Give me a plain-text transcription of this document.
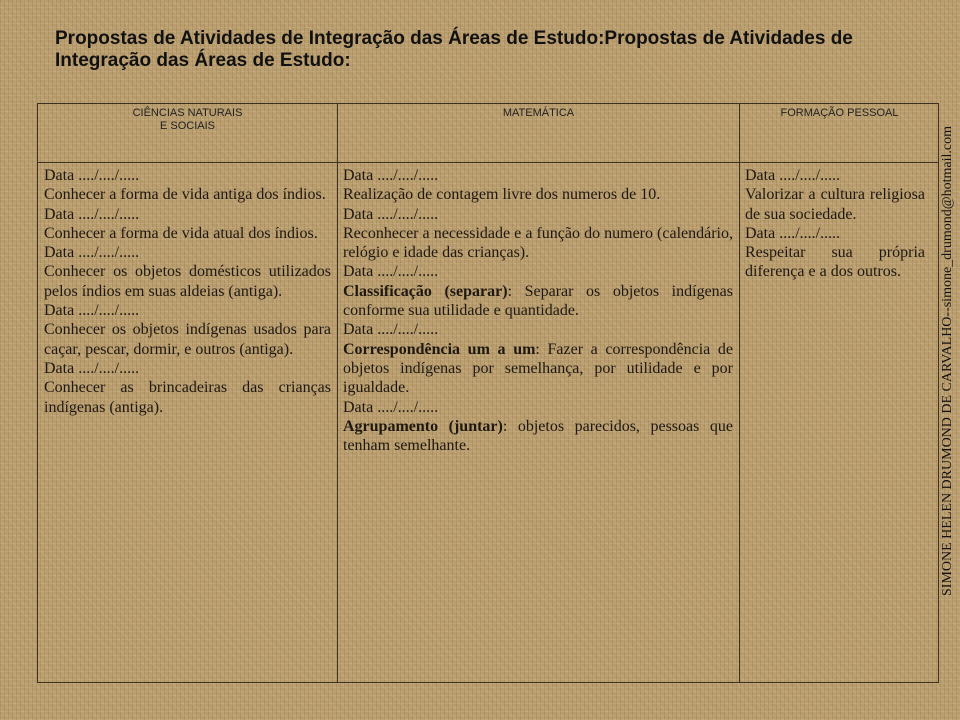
Propostas de Atividades de Integração das Áreas de Estudo:Propostas de Atividades de Integração das Áreas de Estudo:
CIÊNCIAS NATURAIS
E SOCIAIS
MATEMÁTICA	FORMAÇÃO PESSOAL

Data ..../..../.....

Conhecer a forma de vida antiga dos índios.

Data ..../..../.....

Conhecer a forma de vida atual dos índios.

Data ..../..../.....

Conhecer os objetos domésticos utilizados pelos índios em suas aldeias (antiga).

Data ..../..../.....

Conhecer os objetos indígenas usados para caçar, pescar, dormir, e outros (antiga).

Data ..../..../.....

Conhecer as brincadeiras das crianças indígenas (antiga).

Data ..../..../.....

Realização de contagem livre dos numeros de 10.

Data ..../..../.....

Reconhecer a necessidade e a função do numero (calendário, relógio e idade das crianças).

Data ..../..../.....

Classificação (separar): Separar os objetos indígenas conforme sua utilidade e quantidade.

Data ..../..../.....

Correspondência um a um: Fazer a correspondência de objetos indígenas por semelhança, por utilidade e por igualdade.

Data ..../..../.....

Agrupamento (juntar): objetos parecidos, pessoas que tenham semelhante.

Data ..../..../.....

Valorizar a cultura religiosa de sua sociedade.

Data ..../..../.....

Respeitar sua própria diferença e a dos outros.	SIMONE HELEN DRUMOND DE CARVALHO--simone_drumond@hotmail.com
